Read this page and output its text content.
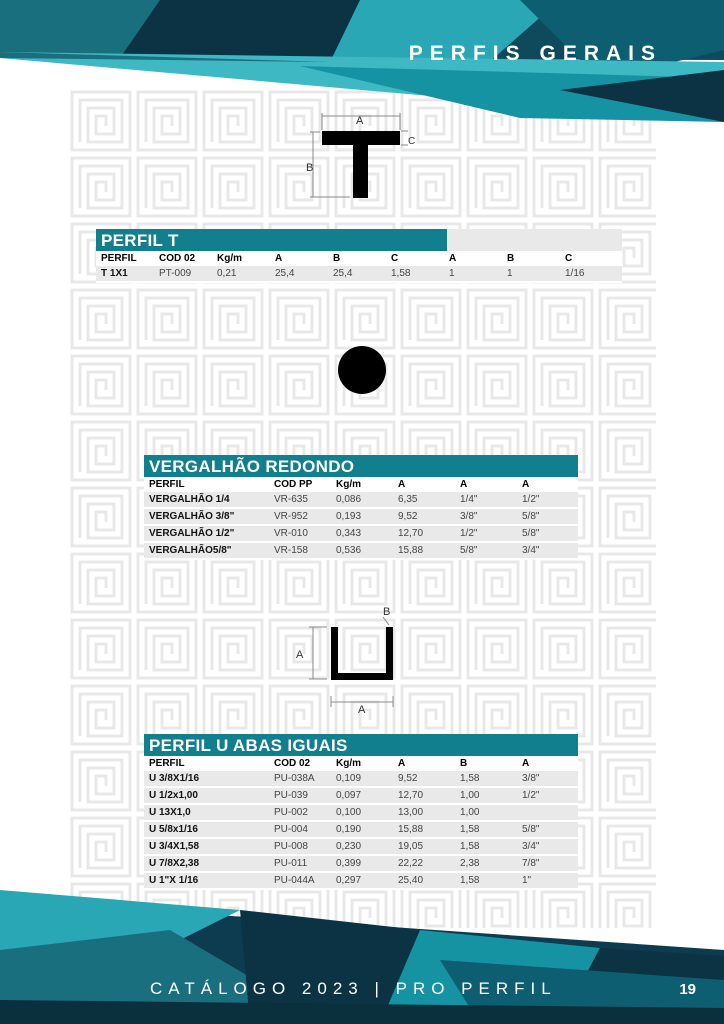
PERFIS GERAIS
A
B
C
PERFIL T
PERFIL	COD 02	Kg/m	A	B	C	A	B	C
T 1X1	PT-009	0,21	25,4	25,4	1,58	1	1	1/16
VERGALHÃO REDONDO
PERFIL	COD PP	Kg/m	A	A	A
VERGALHÃO 1/4	VR-635	0,086	6,35	1/4"	1/2"
VERGALHÃO 3/8"	VR-952	0,193	9,52	3/8"	5/8"
VERGALHÃO 1/2"	VR-010	0,343	12,70	1/2"	5/8"
VERGALHÃO5/8"	VR-158	0,536	15,88	5/8"	3/4"
B
A
A
PERFIL U ABAS IGUAIS
PERFIL	COD 02	Kg/m	A	B	A
U 3/8X1/16	PU-038A	0,109	9,52	1,58	3/8"
U 1/2x1,00	PU-039	0,097	12,70	1,00	1/2"
U 13X1,0	PU-002	0,100	13,00	1,00	
U 5/8x1/16	PU-004	0,190	15,88	1,58	5/8"
U 3/4X1,58	PU-008	0,230	19,05	1,58	3/4"
U 7/8X2,38	PU-011	0,399	22,22	2,38	7/8"
U 1"X 1/16	PU-044A	0,297	25,40	1,58	1"
CATÁLOGO 2023 | PRO PERFIL	19
